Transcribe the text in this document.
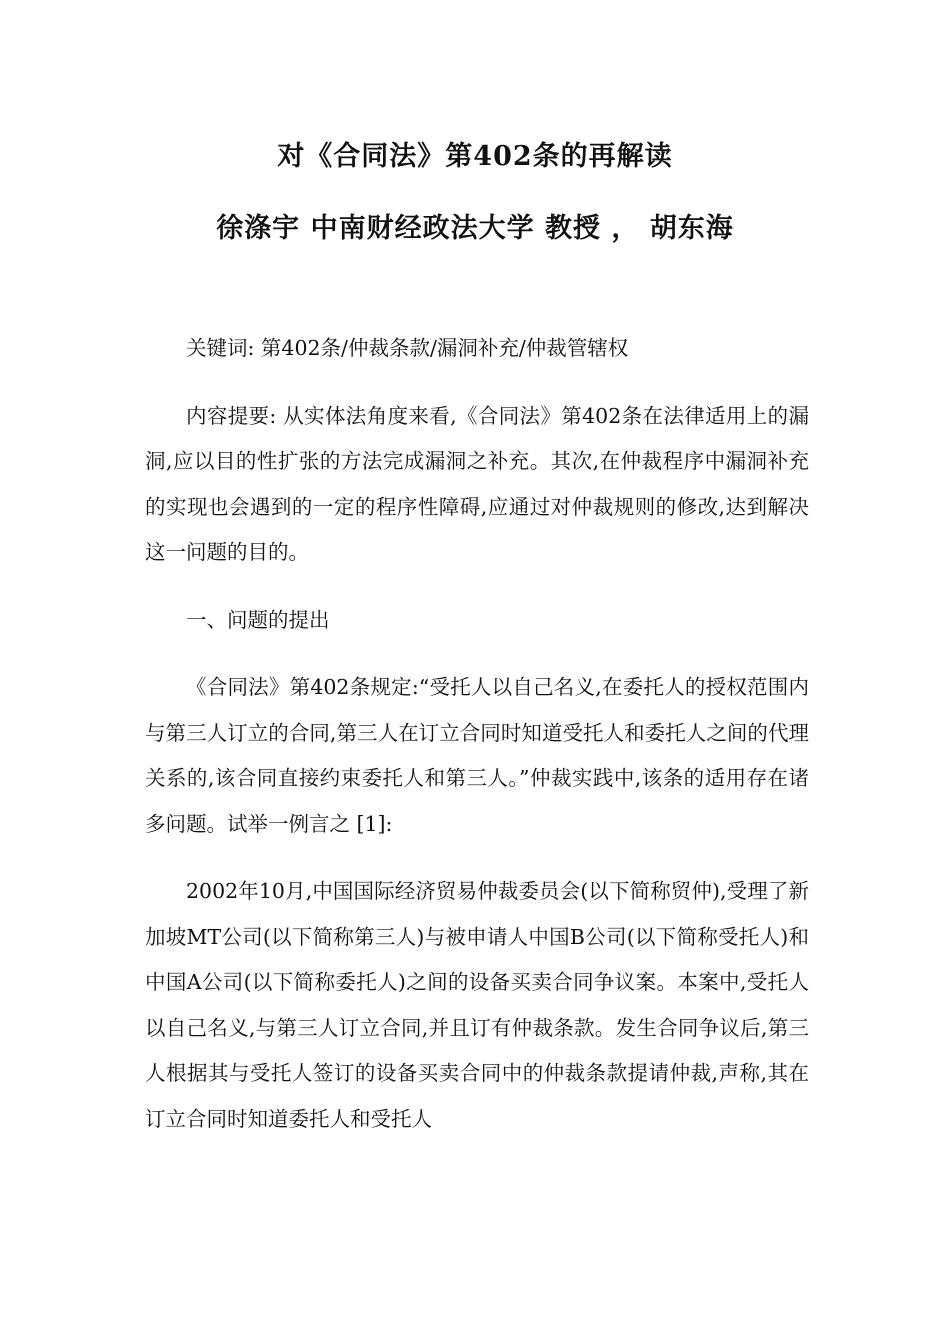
对《合同法》第402条的再解读
徐涤宇 中南财经政法大学 教授 ， 胡东海

关键词: 第402条/仲裁条款/漏洞补充/仲裁管辖权

内容提要: 从实体法角度来看,《合同法》第402条在法律适用上的漏洞,应以目的性扩张的方法完成漏洞之补充。其次,在仲裁程序中漏洞补充的实现也会遇到的一定的程序性障碍,应通过对仲裁规则的修改,达到解决这一问题的目的。

一、问题的提出

《合同法》第402条规定:“受托人以自己名义,在委托人的授权范围内与第三人订立的合同,第三人在订立合同时知道受托人和委托人之间的代理关系的,该合同直接约束委托人和第三人。”仲裁实践中,该条的适用存在诸多问题。试举一例言之 [1]:

2002年10月,中国国际经济贸易仲裁委员会(以下简称贸仲),受理了新加坡MT公司(以下简称第三人)与被申请人中国B公司(以下简称受托人)和中国A公司(以下简称委托人)之间的设备买卖合同争议案。本案中,受托人以自己名义,与第三人订立合同,并且订有仲裁条款。发生合同争议后,第三人根据其与受托人签订的设备买卖合同中的仲裁条款提请仲裁,声称,其在订立合同时知道委托人和受托人
